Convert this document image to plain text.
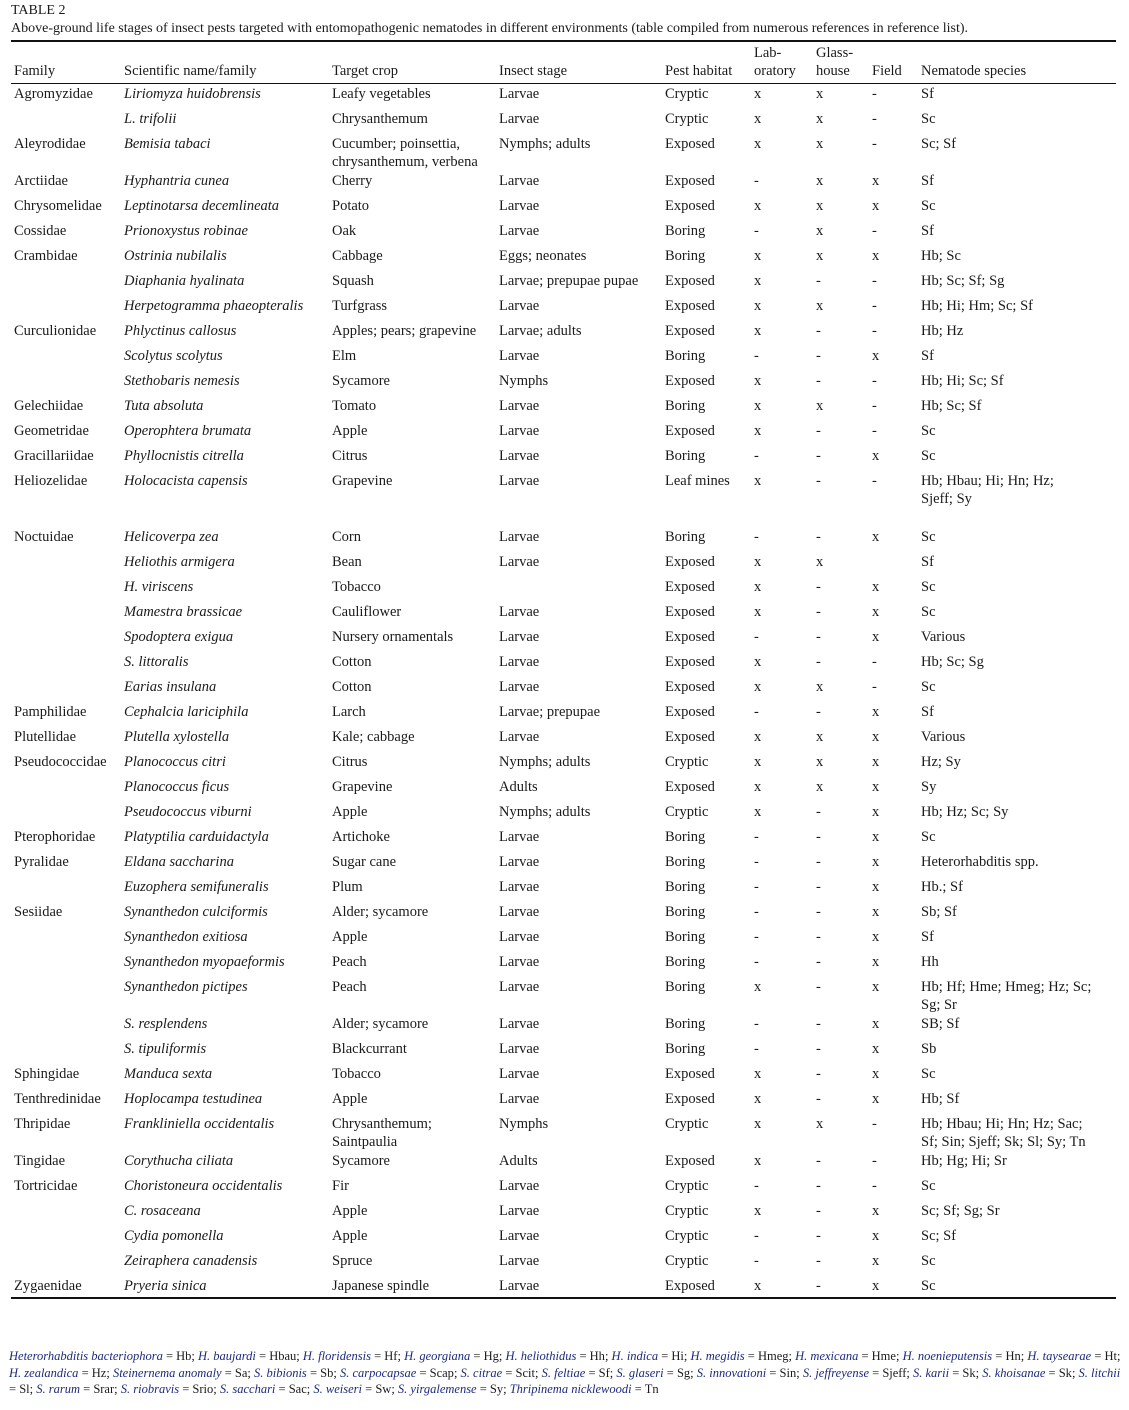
TABLE 2
Above-ground life stages of insect pests targeted with entomopathogenic nematodes in different environments (table compiled from numerous references in reference list).
Family	Scientific name/family	Target crop	Insect stage	Pest habitat	Lab-
oratory	Glass-
house	Field	Nematode species
Agromyzidae	Liriomyza huidobrensis	Leafy vegetables	Larvae	Cryptic	x	x	-	Sf
	L. trifolii	Chrysanthemum	Larvae	Cryptic	x	x	-	Sc
Aleyrodidae	Bemisia tabaci	Cucumber; poinsettia,
chrysanthemum, verbena	Nymphs; adults	Exposed	x	x	-	Sc; Sf
Arctiidae	Hyphantria cunea	Cherry	Larvae	Exposed	-	x	x	Sf
Chrysomelidae	Leptinotarsa decemlineata	Potato	Larvae	Exposed	x	x	x	Sc
Cossidae	Prionoxystus robinae	Oak	Larvae	Boring	-	x	-	Sf
Crambidae	Ostrinia nubilalis	Cabbage	Eggs; neonates	Boring	x	x	x	Hb; Sc
	Diaphania hyalinata	Squash	Larvae; prepupae pupae	Exposed	x	-	-	Hb; Sc; Sf; Sg
	Herpetogramma phaeopteralis	Turfgrass	Larvae	Exposed	x	x	-	Hb; Hi; Hm; Sc; Sf
Curculionidae	Phlyctinus callosus	Apples; pears; grapevine	Larvae; adults	Exposed	x	-	-	Hb; Hz
	Scolytus scolytus	Elm	Larvae	Boring	-	-	x	Sf
	Stethobaris nemesis	Sycamore	Nymphs	Exposed	x	-	-	Hb; Hi; Sc; Sf
Gelechiidae	Tuta absoluta	Tomato	Larvae	Boring	x	x	-	Hb; Sc; Sf
Geometridae	Operophtera brumata	Apple	Larvae	Exposed	x	-	-	Sc
Gracillariidae	Phyllocnistis citrella	Citrus	Larvae	Boring	-	-	x	Sc
Heliozelidae	Holocacista capensis	Grapevine	Larvae	Leaf mines	x	-	-	Hb; Hbau; Hi; Hn; Hz;
Sjeff; Sy
Noctuidae	Helicoverpa zea	Corn	Larvae	Boring	-	-	x	Sc
	Heliothis armigera	Bean	Larvae	Exposed	x	x		Sf
	H. viriscens	Tobacco		Exposed	x	-	x	Sc
	Mamestra brassicae	Cauliflower	Larvae	Exposed	x	-	x	Sc
	Spodoptera exigua	Nursery ornamentals	Larvae	Exposed	-	-	x	Various
	S. littoralis	Cotton	Larvae	Exposed	x	-	-	Hb; Sc; Sg
	Earias insulana	Cotton	Larvae	Exposed	x	x	-	Sc
Pamphilidae	Cephalcia lariciphila	Larch	Larvae; prepupae	Exposed	-	-	x	Sf
Plutellidae	Plutella xylostella	Kale; cabbage	Larvae	Exposed	x	x	x	Various
Pseudococcidae	Planococcus citri	Citrus	Nymphs; adults	Cryptic	x	x	x	Hz; Sy
	Planococcus ficus	Grapevine	Adults	Exposed	x	x	x	Sy
	Pseudococcus viburni	Apple	Nymphs; adults	Cryptic	x	-	x	Hb; Hz; Sc; Sy
Pterophoridae	Platyptilia carduidactyla	Artichoke	Larvae	Boring	-	-	x	Sc
Pyralidae	Eldana saccharina	Sugar cane	Larvae	Boring	-	-	x	Heterorhabditis spp.
	Euzophera semifuneralis	Plum	Larvae	Boring	-	-	x	Hb.; Sf
Sesiidae	Synanthedon culciformis	Alder; sycamore	Larvae	Boring	-	-	x	Sb; Sf
	Synanthedon exitiosa	Apple	Larvae	Boring	-	-	x	Sf
	Synanthedon myopaeformis	Peach	Larvae	Boring	-	-	x	Hh
	Synanthedon pictipes	Peach	Larvae	Boring	x	-	x	Hb; Hf; Hme; Hmeg; Hz; Sc;
Sg; Sr
	S. resplendens	Alder; sycamore	Larvae	Boring	-	-	x	SB; Sf
	S. tipuliformis	Blackcurrant	Larvae	Boring	-	-	x	Sb
Sphingidae	Manduca sexta	Tobacco	Larvae	Exposed	x	-	x	Sc
Tenthredinidae	Hoplocampa testudinea	Apple	Larvae	Exposed	x	-	x	Hb; Sf
Thripidae	Frankliniella occidentalis	Chrysanthemum;
Saintpaulia	Nymphs	Cryptic	x	x	-	Hb; Hbau; Hi; Hn; Hz; Sac;
Sf; Sin; Sjeff; Sk; Sl; Sy; Tn
Tingidae	Corythucha ciliata	Sycamore	Adults	Exposed	x	-	-	Hb; Hg; Hi; Sr
Tortricidae	Choristoneura occidentalis	Fir	Larvae	Cryptic	-	-	-	Sc
	C. rosaceana	Apple	Larvae	Cryptic	x	-	x	Sc; Sf; Sg; Sr
	Cydia pomonella	Apple	Larvae	Cryptic	-	-	x	Sc; Sf
	Zeiraphera canadensis	Spruce	Larvae	Cryptic	-	-	x	Sc
Zygaenidae	Pryeria sinica	Japanese spindle	Larvae	Exposed	x	-	x	Sc
Heterorhabditis bacteriophora = Hb; H. baujardi = Hbau; H. floridensis = Hf; H. georgiana = Hg; H. heliothidus = Hh; H. indica = Hi; H. megidis = Hmeg; H. mexicana = Hme; H. noenieputensis = Hn; H. taysearae = Ht; H. zealandica = Hz; Steinernema anomaly = Sa; S. bibionis = Sb; S. carpocapsae = Scap; S. citrae = Scit; S. feltiae = Sf; S. glaseri = Sg; S. innovationi = Sin; S. jeffreyense = Sjeff; S. karii = Sk; S. khoisanae = Sk; S. litchii = Sl; S. rarum = Srar; S. riobravis = Srio; S. sacchari = Sac; S. weiseri = Sw; S. yirgalemense = Sy; Thripinema nicklewoodi = Tn
